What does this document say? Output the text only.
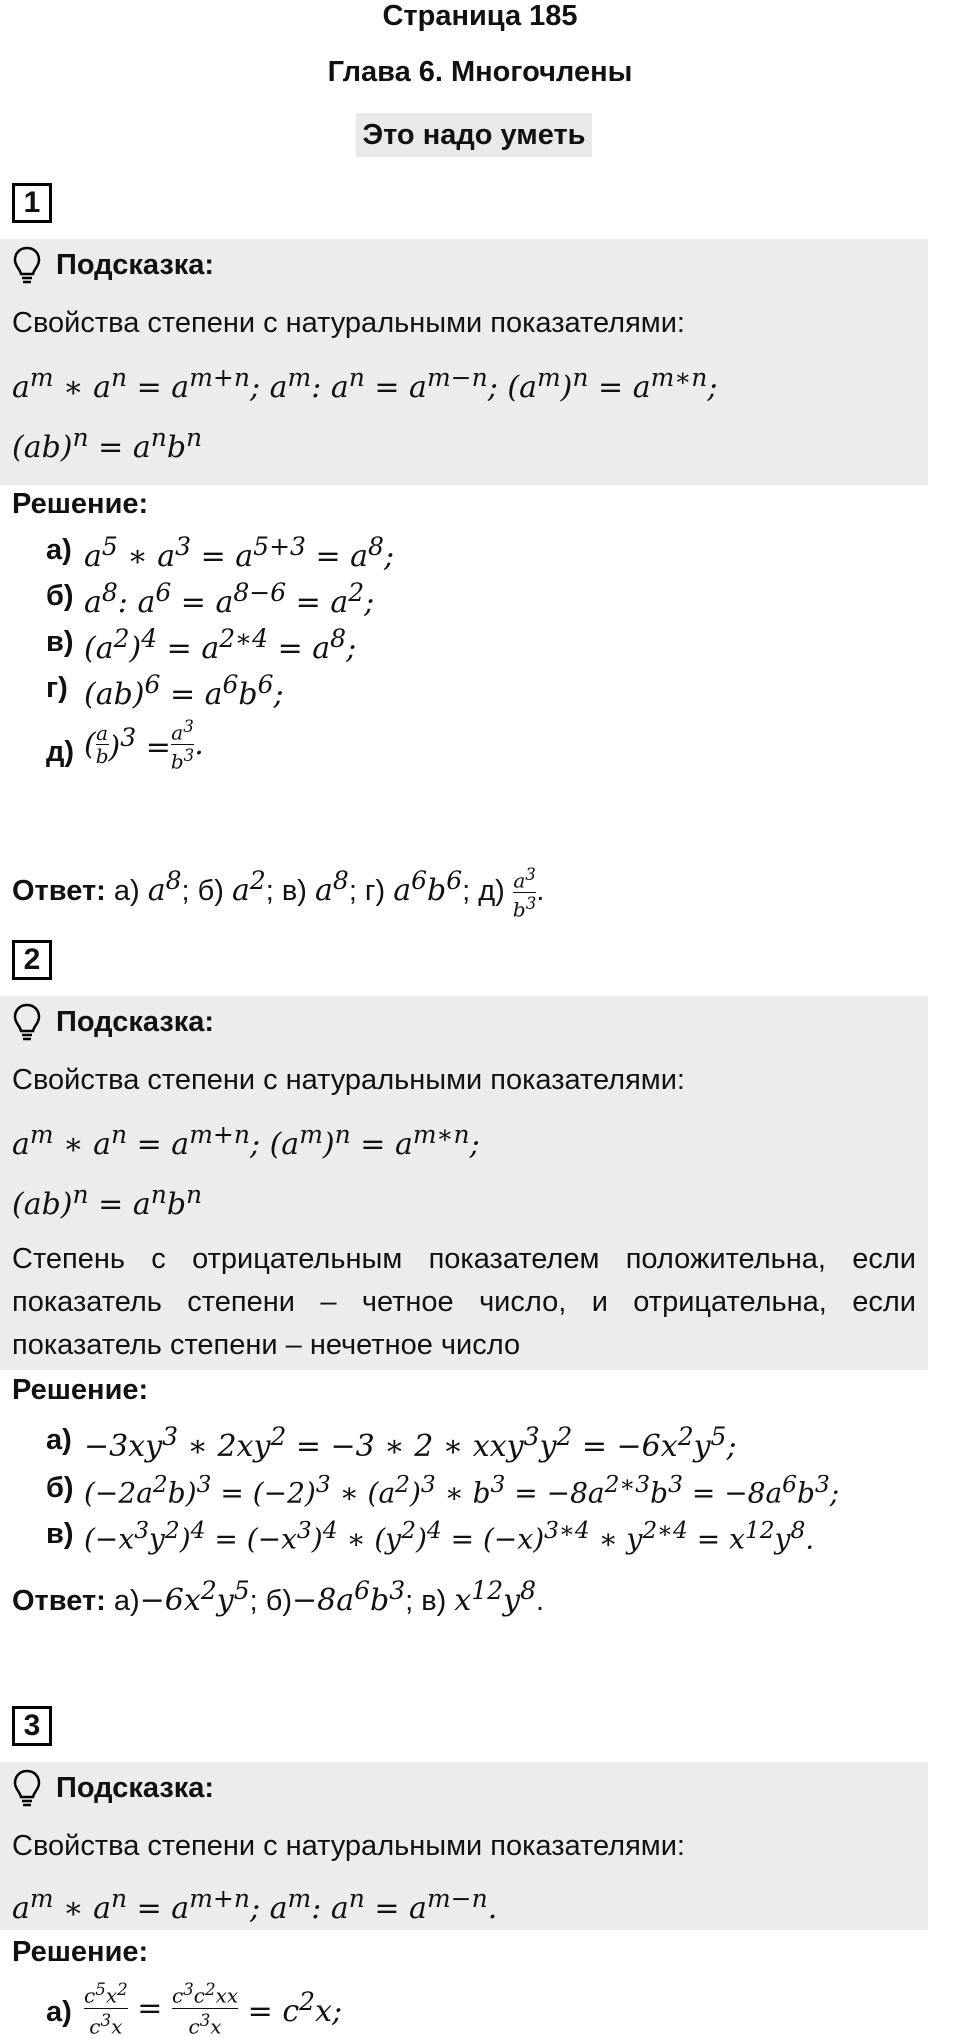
Страница 185
Глава 6. Многочлены
Это надо уметь
1
Подсказка:
Свойства степени с натуральными показателями:
$a^m$ ∗ $a^n = a^{m+n}$; $a^m$: $a^n = a^{m-n}$; $(a^m)^n = a^{m∗n}$;
$(ab)^n = a^nb^n$
Решение:
а) $a^5$ ∗ $a^3 = a^{5+3} = a^8$;
б) $a^8$: $a^6 = a^{8-6} = a^2$;
в) $(a^2)^4 = a^{2∗4} = a^8$;
г) $(ab)^6 = a^6b^6$;
д) ( $\frac{a}{b} )^3 = \frac{a^3}{b^3}$ .
Ответ: а) $a^8$; б) $a^2$; в) $a^8$; г) $a^6b^6$; $д) \frac{a^3}{b^3}$ .
2
Подсказка:
Свойства степени с натуральными показателями:
$a^m$ ∗ $a^n = a^{m+n}$; $(a^m)^n = a^{m∗n}$;
$(ab)^n = a^nb^n$
Степень с отрицательным показателем положительна, если показатель степени – четное число, и отрицательна, если показатель степени – нечетное число
Решение:
$а) -3xy^3$ ∗ $2xy^2 = -3$ ∗ 2 ∗ $xxy^3y^2 = -6x^2y^5$;
б) $(-2a^2b)^3 = (-2)^3$ ∗ $(a^2)^3$ ∗ $b^3 = -8a^{2∗3}b^3 = -8a^6b^3$;
в) $(-x^3y^2)^4 = (-x^3)^4$ ∗ $(y^2)^4 = (-x)^{3∗4}$ ∗ $y^{2∗4} = x^{12}y^8$.
Ответ: $а)-6x^2y^5$; $б)-8a^6b^3$; в) $x^{12}y^8$.
3
Подсказка:
Свойства степени с натуральными показателями:
$a^m$ ∗ $a^n = a^{m+n}$; $a^m$: $a^n = a^{m-n}$.
Решение:
$а) \frac{c^5x^2}{c^3x} = \frac{c^3c^2xx}{c^3x} = c^2x$;
